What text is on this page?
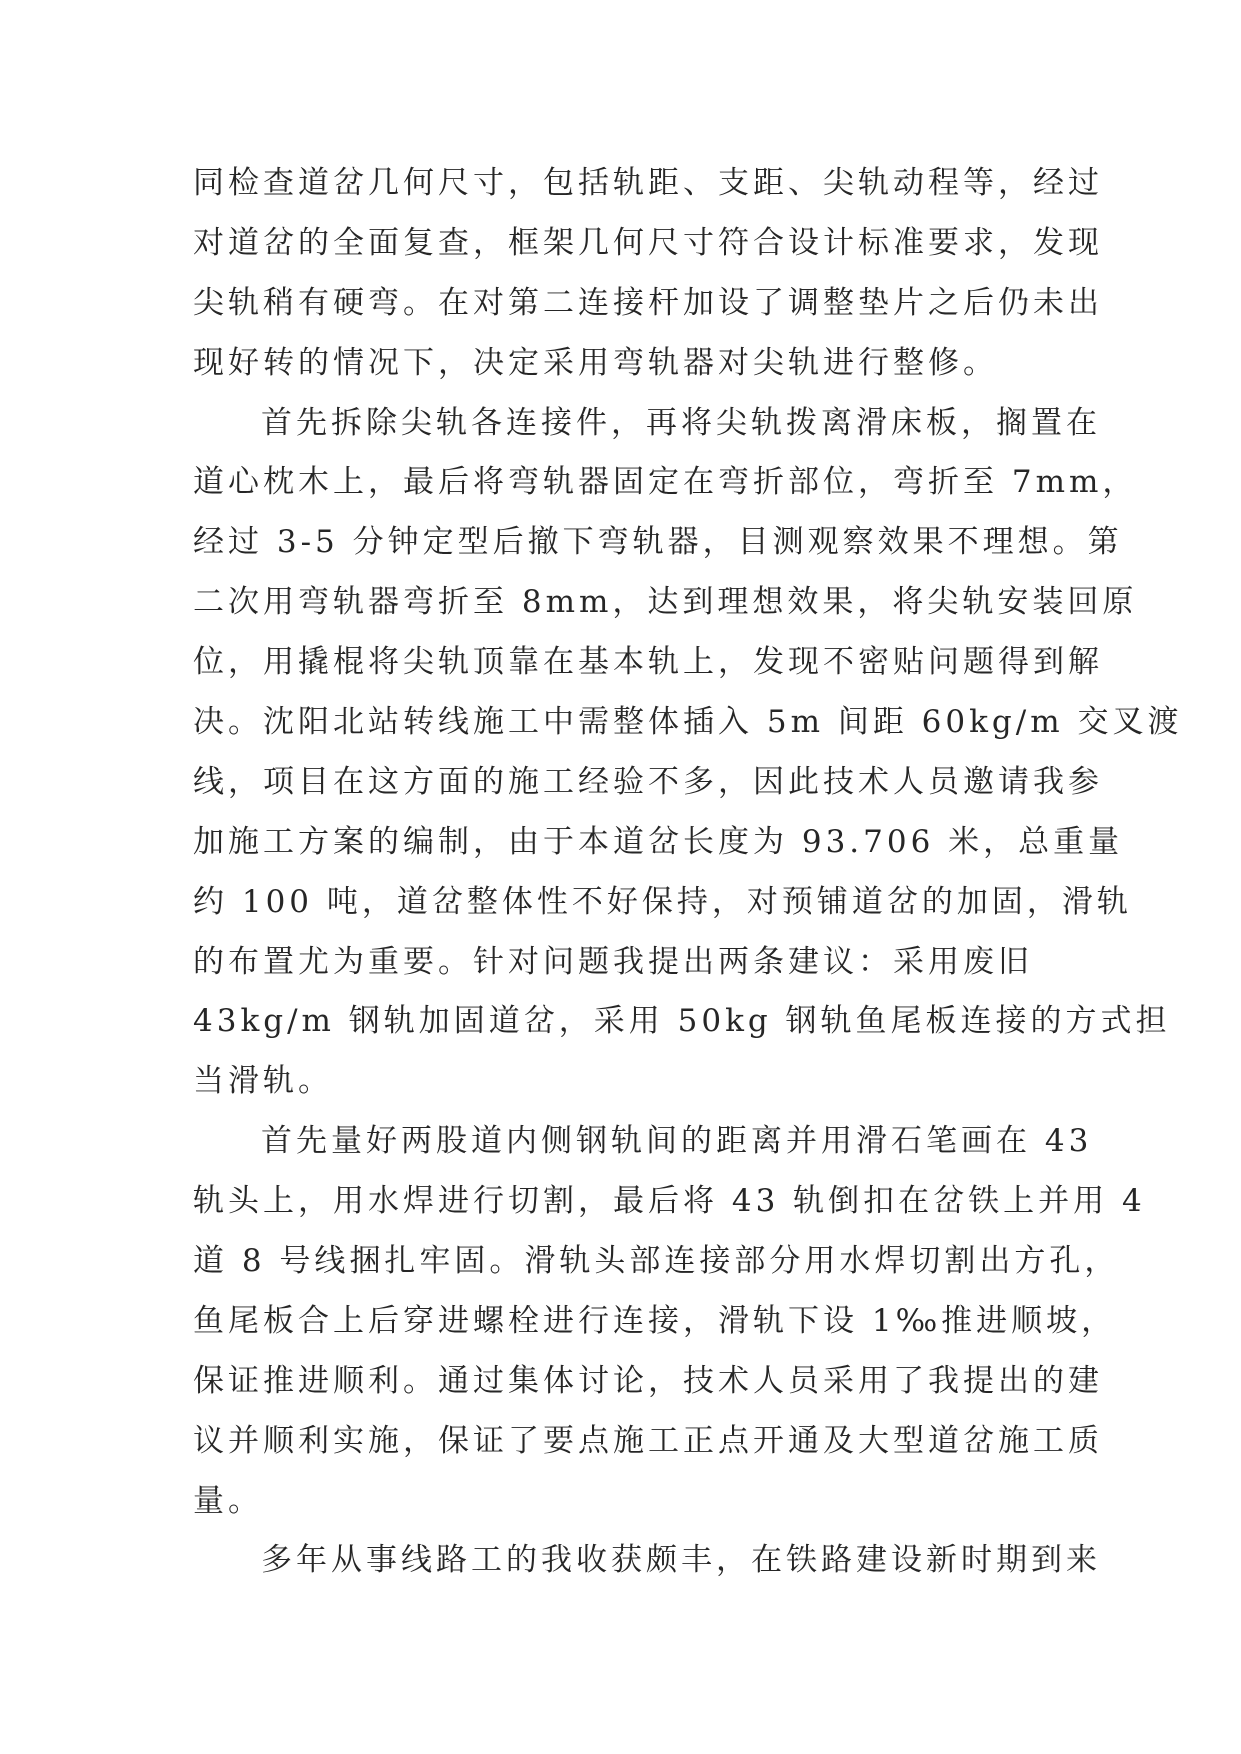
同检查道岔几何尺寸，包括轨距、支距、尖轨动程等，经过
对道岔的全面复查，框架几何尺寸符合设计标准要求，发现
尖轨稍有硬弯。在对第二连接杆加设了调整垫片之后仍未出
现好转的情况下，决定采用弯轨器对尖轨进行整修。
首先拆除尖轨各连接件，再将尖轨拨离滑床板，搁置在
道心枕木上，最后将弯轨器固定在弯折部位，弯折至 7mm，
经过 3-5 分钟定型后撤下弯轨器，目测观察效果不理想。第
二次用弯轨器弯折至 8mm，达到理想效果，将尖轨安装回原
位，用撬棍将尖轨顶靠在基本轨上，发现不密贴问题得到解
决。沈阳北站转线施工中需整体插入 5m 间距 60kg/m 交叉渡
线，项目在这方面的施工经验不多，因此技术人员邀请我参
加施工方案的编制，由于本道岔长度为 93.706 米，总重量
约 100 吨，道岔整体性不好保持，对预铺道岔的加固，滑轨
的布置尤为重要。针对问题我提出两条建议：采用废旧
43kg/m 钢轨加固道岔，采用 50kg 钢轨鱼尾板连接的方式担
当滑轨。
首先量好两股道内侧钢轨间的距离并用滑石笔画在 43
轨头上，用水焊进行切割，最后将 43 轨倒扣在岔铁上并用 4
道 8 号线捆扎牢固。滑轨头部连接部分用水焊切割出方孔，
鱼尾板合上后穿进螺栓进行连接，滑轨下设 1‰推进顺坡，
保证推进顺利。通过集体讨论，技术人员采用了我提出的建
议并顺利实施，保证了要点施工正点开通及大型道岔施工质
量。
多年从事线路工的我收获颇丰，在铁路建设新时期到来
